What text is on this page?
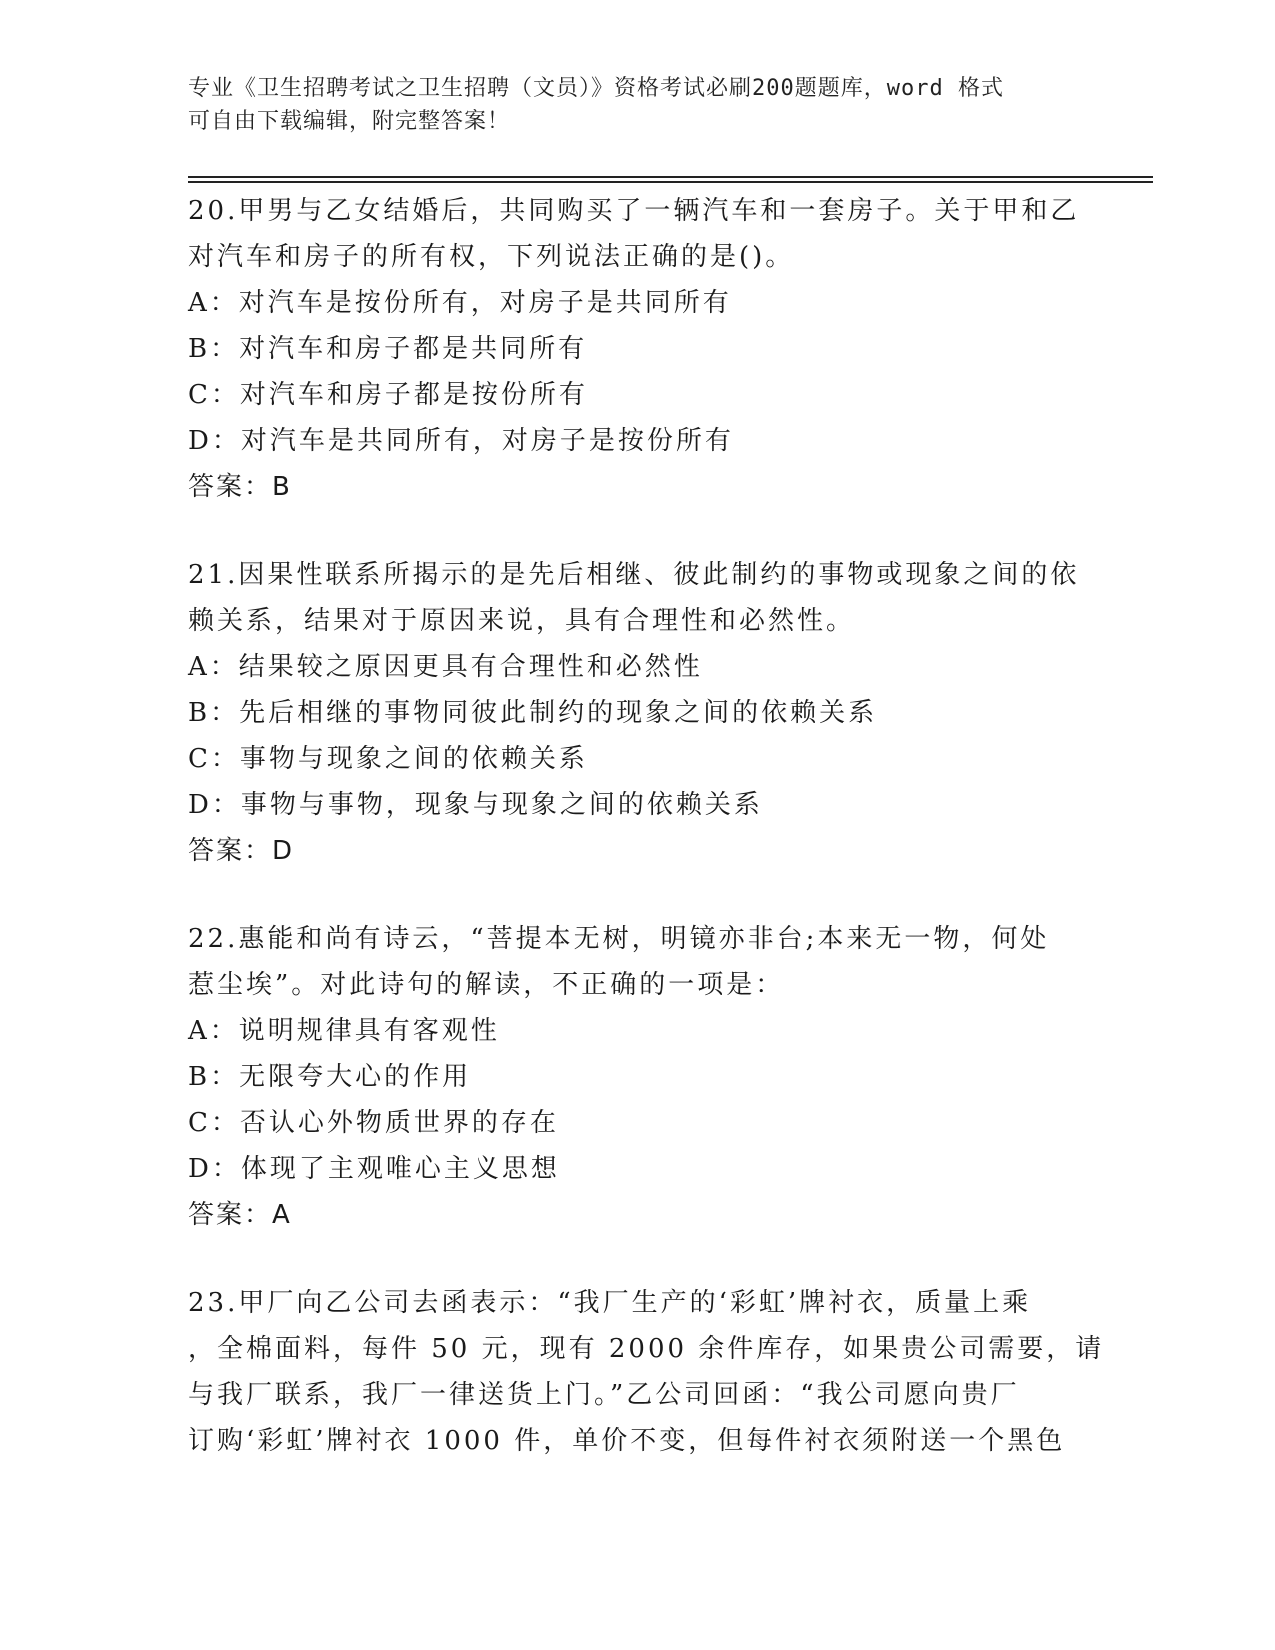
专业《卫生招聘考试之卫生招聘（文员）》资格考试必刷200题题库，word 格式
可自由下载编辑，附完整答案！
20.甲男与乙女结婚后，共同购买了一辆汽车和一套房子。关于甲和乙
对汽车和房子的所有权，下列说法正确的是()。
A：对汽车是按份所有，对房子是共同所有
B：对汽车和房子都是共同所有
C：对汽车和房子都是按份所有
D：对汽车是共同所有，对房子是按份所有
答案：B
21.因果性联系所揭示的是先后相继、彼此制约的事物或现象之间的依
赖关系，结果对于原因来说，具有合理性和必然性。
A：结果较之原因更具有合理性和必然性
B：先后相继的事物同彼此制约的现象之间的依赖关系
C：事物与现象之间的依赖关系
D：事物与事物，现象与现象之间的依赖关系
答案：D
22.惠能和尚有诗云，“菩提本无树，明镜亦非台;本来无一物，何处
惹尘埃”。对此诗句的解读，不正确的一项是：
A：说明规律具有客观性
B：无限夸大心的作用
C：否认心外物质世界的存在
D：体现了主观唯心主义思想
答案：A
23.甲厂向乙公司去函表示：“我厂生产的‘彩虹’牌衬衣，质量上乘
，全棉面料，每件 50 元，现有 2000 余件库存，如果贵公司需要，请
与我厂联系，我厂一律送货上门。”乙公司回函：“我公司愿向贵厂
订购‘彩虹’牌衬衣 1000 件，单价不变，但每件衬衣须附送一个黑色
